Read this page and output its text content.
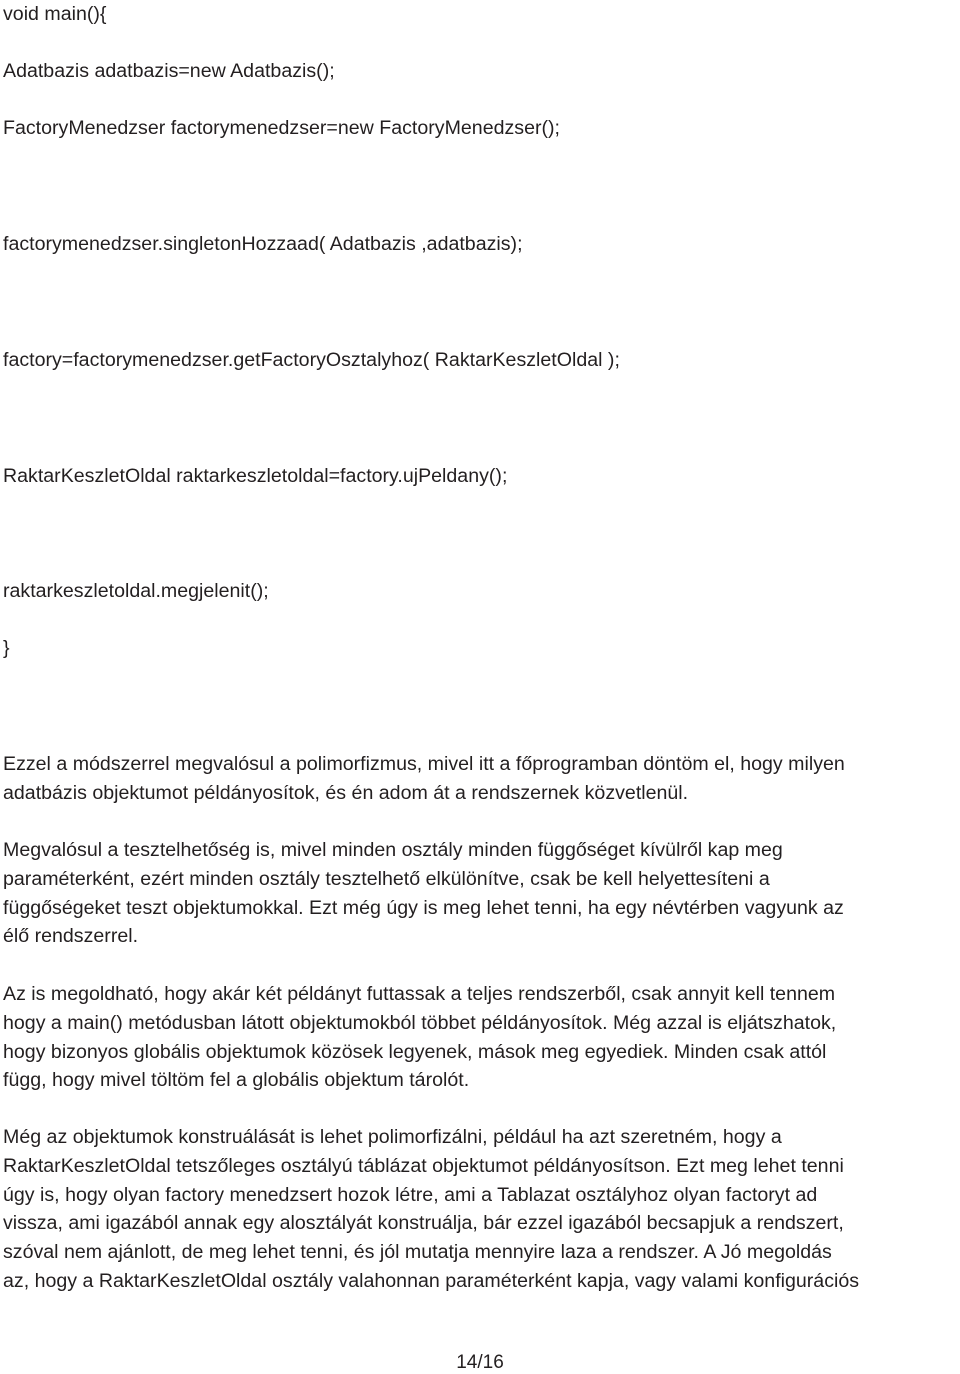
void main(){

Adatbazis adatbazis=new Adatbazis();

FactoryMenedzser factorymenedzser=new FactoryMenedzser();

factorymenedzser.singletonHozzaad( Adatbazis ,adatbazis);

factory=factorymenedzser.getFactoryOsztalyhoz( RaktarKeszletOldal );

RaktarKeszletOldal raktarkeszletoldal=factory.ujPeldany();

raktarkeszletoldal.megjelenit();

}

Ezzel a módszerrel megvalósul a polimorfizmus, mivel itt a főprogramban döntöm el, hogy milyen
adatbázis objektumot példányosítok, és én adom át a rendszernek közvetlenül.

Megvalósul a tesztelhetőség is, mivel minden osztály minden függőséget kívülről kap meg
paraméterként, ezért minden osztály tesztelhető elkülönítve, csak be kell helyettesíteni a
függőségeket teszt objektumokkal. Ezt még úgy is meg lehet tenni, ha egy névtérben vagyunk az
élő rendszerrel.

Az is megoldható, hogy akár két példányt futtassak a teljes rendszerből, csak annyit kell tennem
hogy a main() metódusban látott objektumokból többet példányosítok. Még azzal is eljátszhatok,
hogy bizonyos globális objektumok közösek legyenek, mások meg egyediek. Minden csak attól
függ, hogy mivel töltöm fel a globális objektum tárolót.

Még az objektumok konstruálását is lehet polimorfizálni, például ha azt szeretném, hogy a
RaktarKeszletOldal tetszőleges osztályú táblázat objektumot példányosítson. Ezt meg lehet tenni
úgy is, hogy olyan factory menedzsert hozok létre, ami a Tablazat osztályhoz olyan factoryt ad
vissza, ami igazából annak egy alosztályát konstruálja, bár ezzel igazából becsapjuk a rendszert,
szóval nem ajánlott, de meg lehet tenni, és jól mutatja mennyire laza a rendszer. A Jó megoldás
az, hogy a RaktarKeszletOldal osztály valahonnan paraméterként kapja, vagy valami konfigurációs

14/16
